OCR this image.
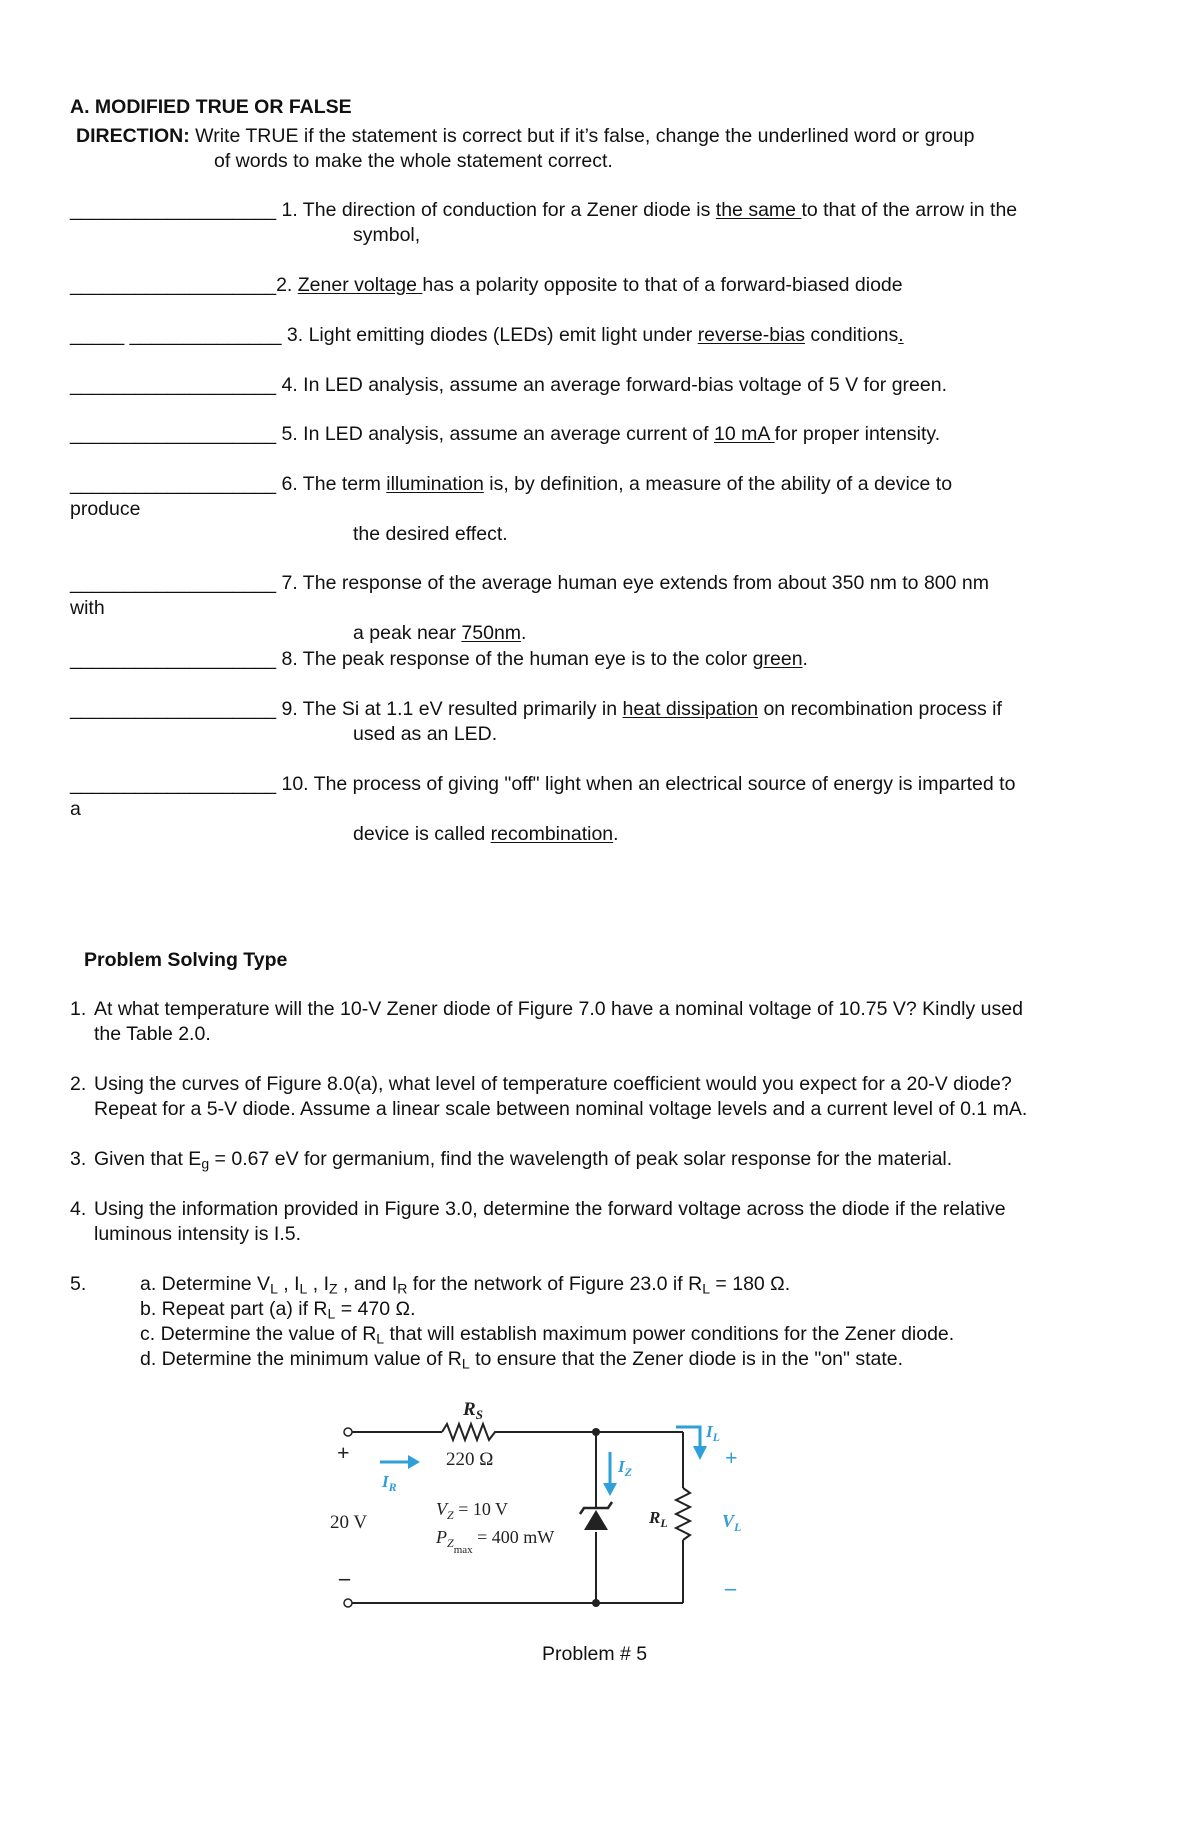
A. MODIFIED TRUE OR FALSE
DIRECTION: Write TRUE if the statement is correct but if it’s false, change the underlined word or group
of words to make the whole statement correct.
___________________ 1. The direction of conduction for a Zener diode is the same to that of the arrow in the
symbol,
___________________2. Zener voltage has a polarity opposite to that of a forward-biased diode
_____ ______________ 3. Light emitting diodes (LEDs) emit light under reverse-bias conditions.
___________________ 4. In LED analysis, assume an average forward-bias voltage of 5 V for green.
___________________ 5. In LED analysis, assume an average current of 10 mA for proper intensity.
___________________ 6. The term illumination is, by definition, a measure of the ability of a device to
produce
the desired effect.
___________________ 7. The response of the average human eye extends from about 350 nm to 800 nm
with
a peak near 750nm.
___________________ 8. The peak response of the human eye is to the color green.
___________________ 9. The Si at 1.1 eV resulted primarily in heat dissipation on recombination process if
used as an LED.
___________________ 10. The process of giving "off" light when an electrical source of energy is imparted to
a
device is called recombination.
Problem Solving Type
1. At what temperature will the 10-V Zener diode of Figure 7.0 have a nominal voltage of 10.75 V? Kindly used
the Table 2.0.
2. Using the curves of Figure 8.0(a), what level of temperature coefficient would you expect for a 20-V diode?
Repeat for a 5-V diode. Assume a linear scale between nominal voltage levels and a current level of 0.1 mA.
3. Given that $E_g = 0.67$ eV for germanium, find the wavelength of peak solar response for the material.
4. Using the information provided in Figure 3.0, determine the forward voltage across the diode if the relative
luminous intensity is I.5.
5.	a. Determine $V_L$ , $I_L$ , $I_Z$ , and $I_R$ for the network of Figure 23.0 if $R_L = 180$ Ω.
b. Repeat part (a) if $R_L = 470$ Ω.
c. Determine the value of $R_L$ that will establish maximum power conditions for the Zener diode.
d. Determine the minimum value of $R_L$ to ensure that the Zener diode is in the "on" state.
$R_S$
220 Ω
$I_R$
$I_Z$
$I_L$
+
20 V
–
$V_Z = 10$ V
$P_{Zmax} = 400$ mW
$R_L$
+
$V_L$
–
Problem # 5
